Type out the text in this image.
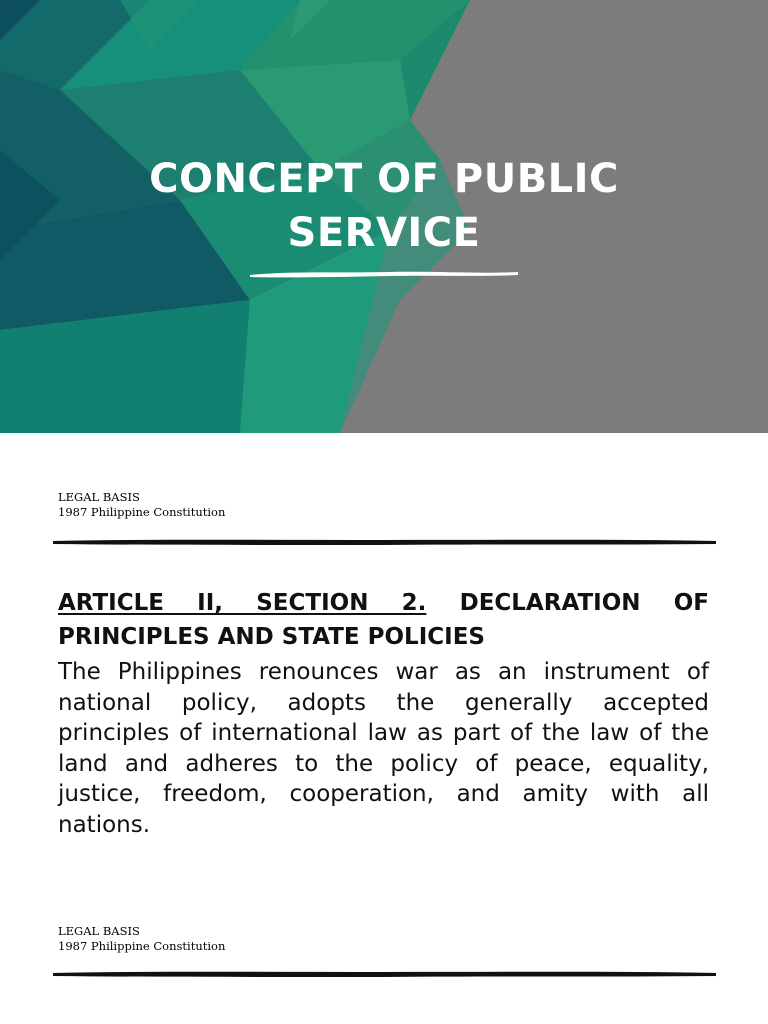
CONCEPT OF PUBLIC
SERVICE
LEGAL BASIS
1987 Philippine Constitution

ARTICLE II, SECTION 2. DECLARATION OF PRINCIPLES AND STATE POLICIES

The Philippines renounces war as an instrument of national policy, adopts the generally accepted principles of international law as part of the law of the land and adheres to the policy of peace, equality, justice, freedom, cooperation, and amity with all nations.

LEGAL BASIS
1987 Philippine Constitution
